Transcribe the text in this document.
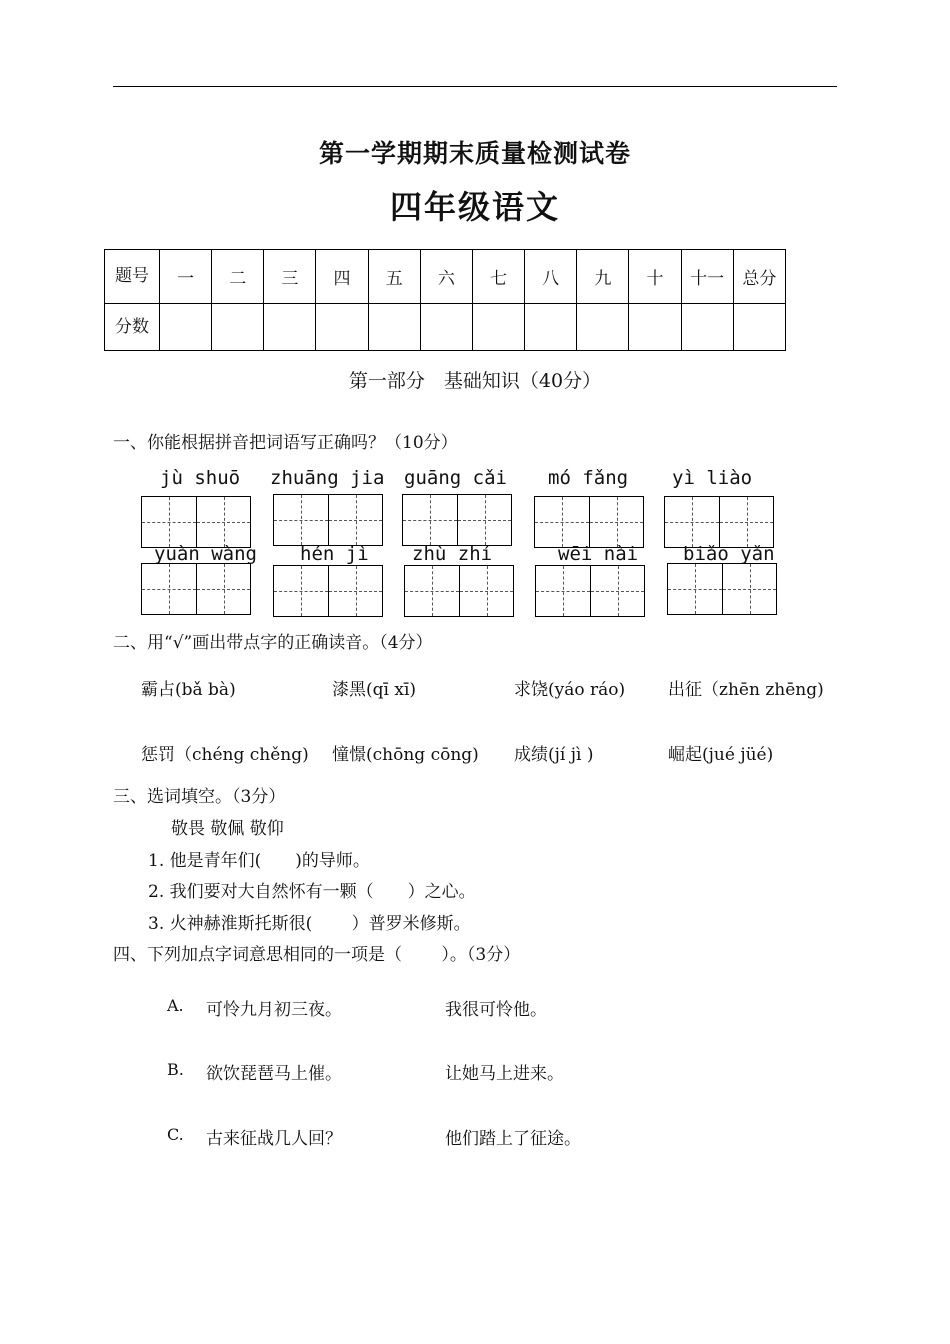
第一学期期末质量检测试卷
四年级语文
题号	一	二	三	四	五	六	七	八	九	十	十一	总分
分数												
第一部分　基础知识（40分）
一、你能根据拼音把词语写正确吗？（10分）
jù shuō zhuāng jia guāng cǎi mó fǎng yì liào
yuàn wàng hén jì zhù zhí	wēi nài biǎo yǎn
二、用“√”画出带点字的正确读音。（4分）
霸占(bǎ bà)	漆黑(qī xī)	求饶(yáo ráo)	出征（zhēn zhēng)
惩罚（chéng chěng) 憧憬(chōng cōng) 成绩(jí jì )	崛起(jué jüé)
三、选词填空。（3分）
敬畏 敬佩 敬仰
1. 他是青年们(　　)的导师。
2. 我们要对大自然怀有一颗（　　）之心。
3. 火神赫淮斯托斯很(　　 ）普罗米修斯。
四、下列加点字词意思相同的一项是（　　 ）。（3分）
A. 可怜九月初三夜。	我很可怜他。
B. 欲饮琵琶马上催。	让她马上进来。
C. 古来征战几人回？	他们踏上了征途。
